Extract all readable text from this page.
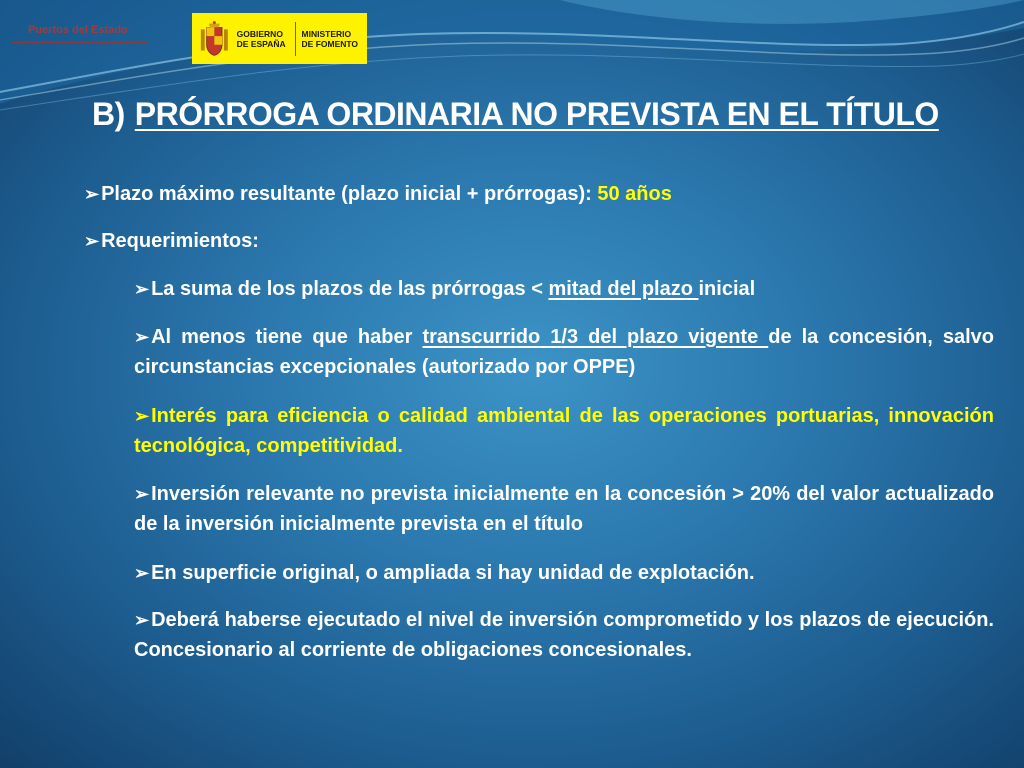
Puertos del Estado	GOBIERNO
DE ESPAÑA
MINISTERIO
DE FOMENTO
B) PRÓRROGA ORDINARIA NO PREVISTA EN EL TÍTULO

➢ Plazo máximo resultante (plazo inicial + prórrogas): 50 años

➢ Requerimientos:

➢ La suma de los plazos de las prórrogas < mitad del plazo inicial

➢ Al menos tiene que haber transcurrido 1/3 del plazo vigente de la concesión, salvo circunstancias excepcionales (autorizado por OPPE)

➢ Interés para eficiencia o calidad ambiental de las operaciones portuarias, innovación tecnológica, competitividad.

➢ Inversión relevante no prevista inicialmente en la concesión > 20% del valor actualizado de la inversión inicialmente prevista en el título

➢ En superficie original, o ampliada si hay unidad de explotación.

➢ Deberá haberse ejecutado el nivel de inversión comprometido y los plazos de ejecución. Concesionario al corriente de obligaciones concesionales.
